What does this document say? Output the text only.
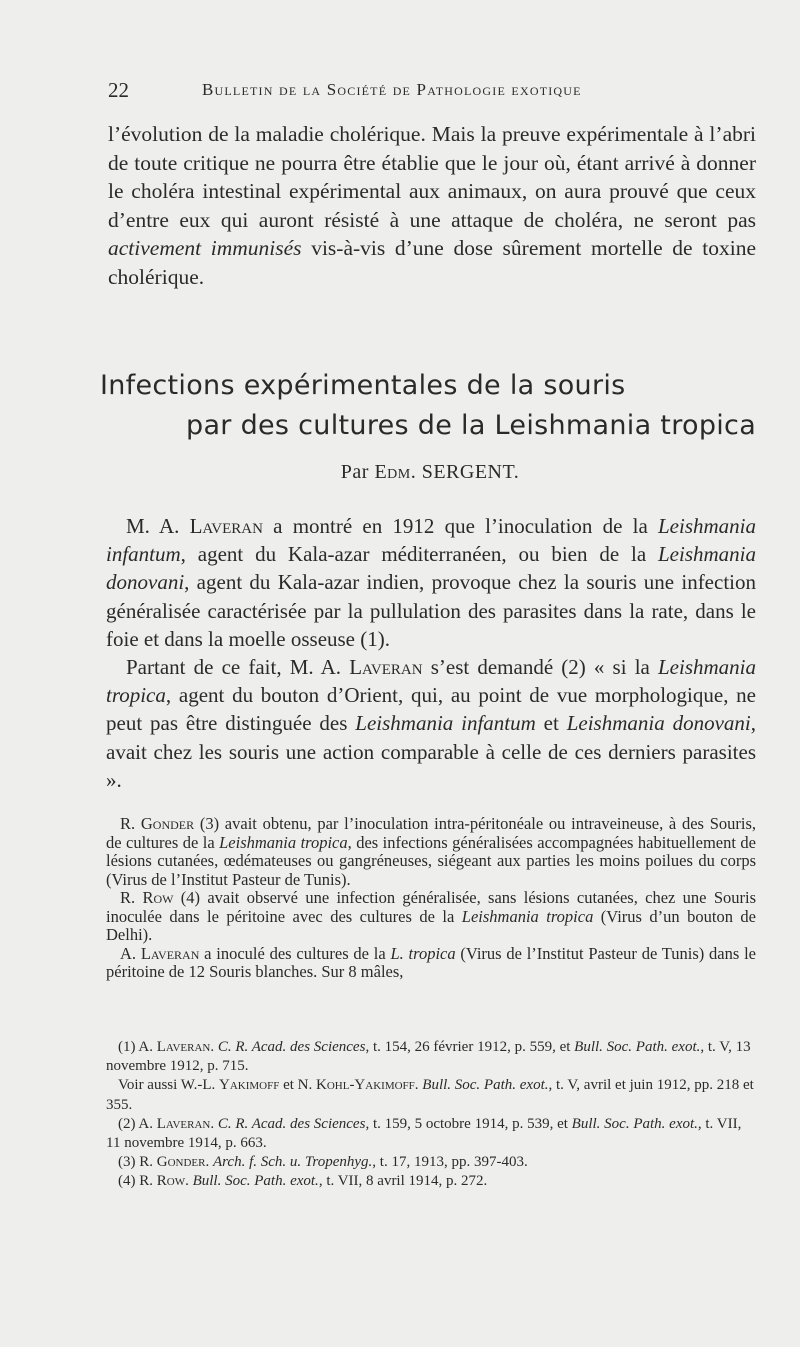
22	Bulletin de la Société de Pathologie exotique

l’évolution de la maladie cholérique. Mais la preuve expérimentale à l’abri de toute critique ne pourra être établie que le jour où, étant arrivé à donner le choléra intestinal expérimental aux animaux, on aura prouvé que ceux d’entre eux qui auront résisté à une attaque de choléra, ne seront pas activement immunisés vis-à-vis d’une dose sûrement mortelle de toxine cholérique.

Infections expérimentales de la souris
par des cultures de la Leishmania tropica
Par Edm. SERGENT.

M. A. Laveran a montré en 1912 que l’inoculation de la Leishmania infantum, agent du Kala-azar méditerranéen, ou bien de la Leishmania donovani, agent du Kala-azar indien, provoque chez la souris une infection généralisée caractérisée par la pullulation des parasites dans la rate, dans le foie et dans la moelle osseuse (1).

Partant de ce fait, M. A. Laveran s’est demandé (2) « si la Leishmania tropica, agent du bouton d’Orient, qui, au point de vue morphologique, ne peut pas être distinguée des Leishmania infantum et Leishmania donovani, avait chez les souris une action comparable à celle de ces derniers parasites ».

R. Gonder (3) avait obtenu, par l’inoculation intra-péritonéale ou intraveineuse, à des Souris, de cultures de la Leishmania tropica, des infections généralisées accompagnées habituellement de lésions cutanées, œdémateuses ou gangréneuses, siégeant aux parties les moins poilues du corps (Virus de l’Institut Pasteur de Tunis).

R. Row (4) avait observé une infection généralisée, sans lésions cutanées, chez une Souris inoculée dans le péritoine avec des cultures de la Leishmania tropica (Virus d’un bouton de Delhi).

A. Laveran a inoculé des cultures de la L. tropica (Virus de l’Institut Pasteur de Tunis) dans le péritoine de 12 Souris blanches. Sur 8 mâles,

(1) A. Laveran. C. R. Acad. des Sciences, t. 154, 26 février 1912, p. 559, et Bull. Soc. Path. exot., t. V, 13 novembre 1912, p. 715.

Voir aussi W.-L. Yakimoff et N. Kohl-Yakimoff. Bull. Soc. Path. exot., t. V, avril et juin 1912, pp. 218 et 355.

(2) A. Laveran. C. R. Acad. des Sciences, t. 159, 5 octobre 1914, p. 539, et Bull. Soc. Path. exot., t. VII, 11 novembre 1914, p. 663.

(3) R. Gonder. Arch. f. Sch. u. Tropenhyg., t. 17, 1913, pp. 397-403.

(4) R. Row. Bull. Soc. Path. exot., t. VII, 8 avril 1914, p. 272.
